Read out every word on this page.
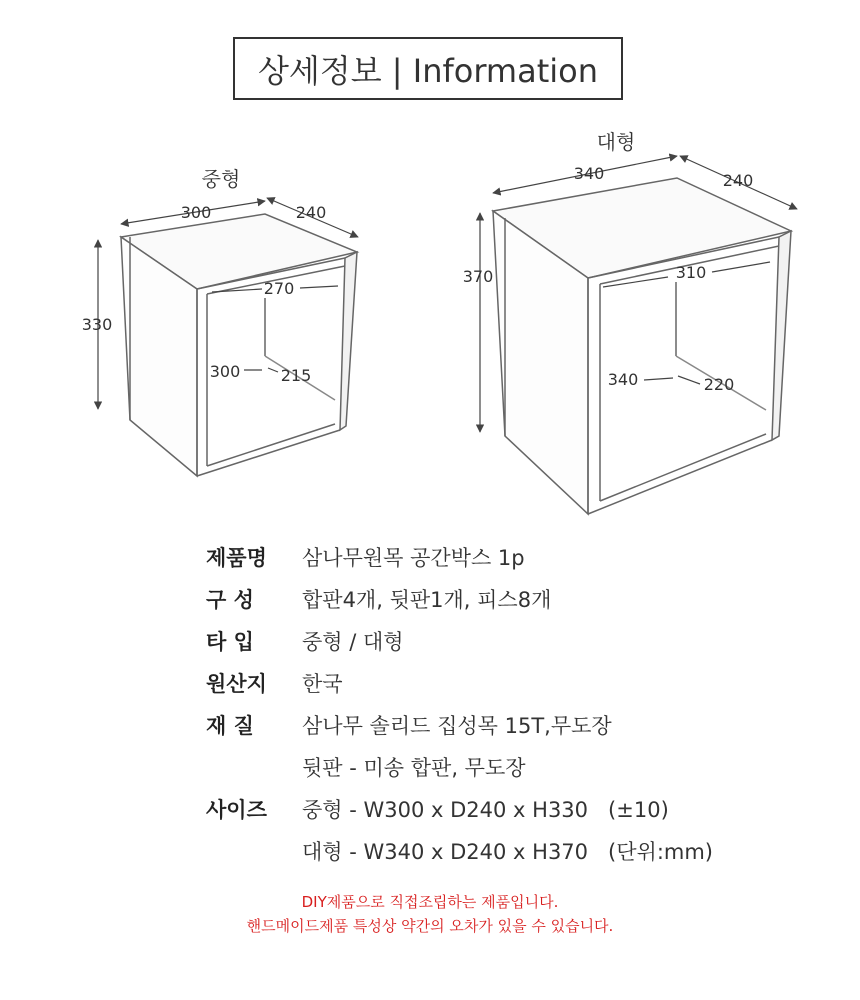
상세정보 | Information
중형
300	240
330
270
300	215
대형
340	240
370	310
340	220
제품명 삼나무원목 공간박스 1p
구 성 합판4개, 뒷판1개, 피스8개
타 입 중형 / 대형
원산지 한국
재 질 삼나무 솔리드 집성목 15T,무도장
뒷판 - 미송 합판, 무도장
사이즈 중형 - W300 x D240 x H330   (±10)
대형 - W340 x D240 x H370   (단위:mm)
DIY제품으로 직접조립하는 제품입니다.
핸드메이드제품 특성상 약간의 오차가 있을 수 있습니다.
